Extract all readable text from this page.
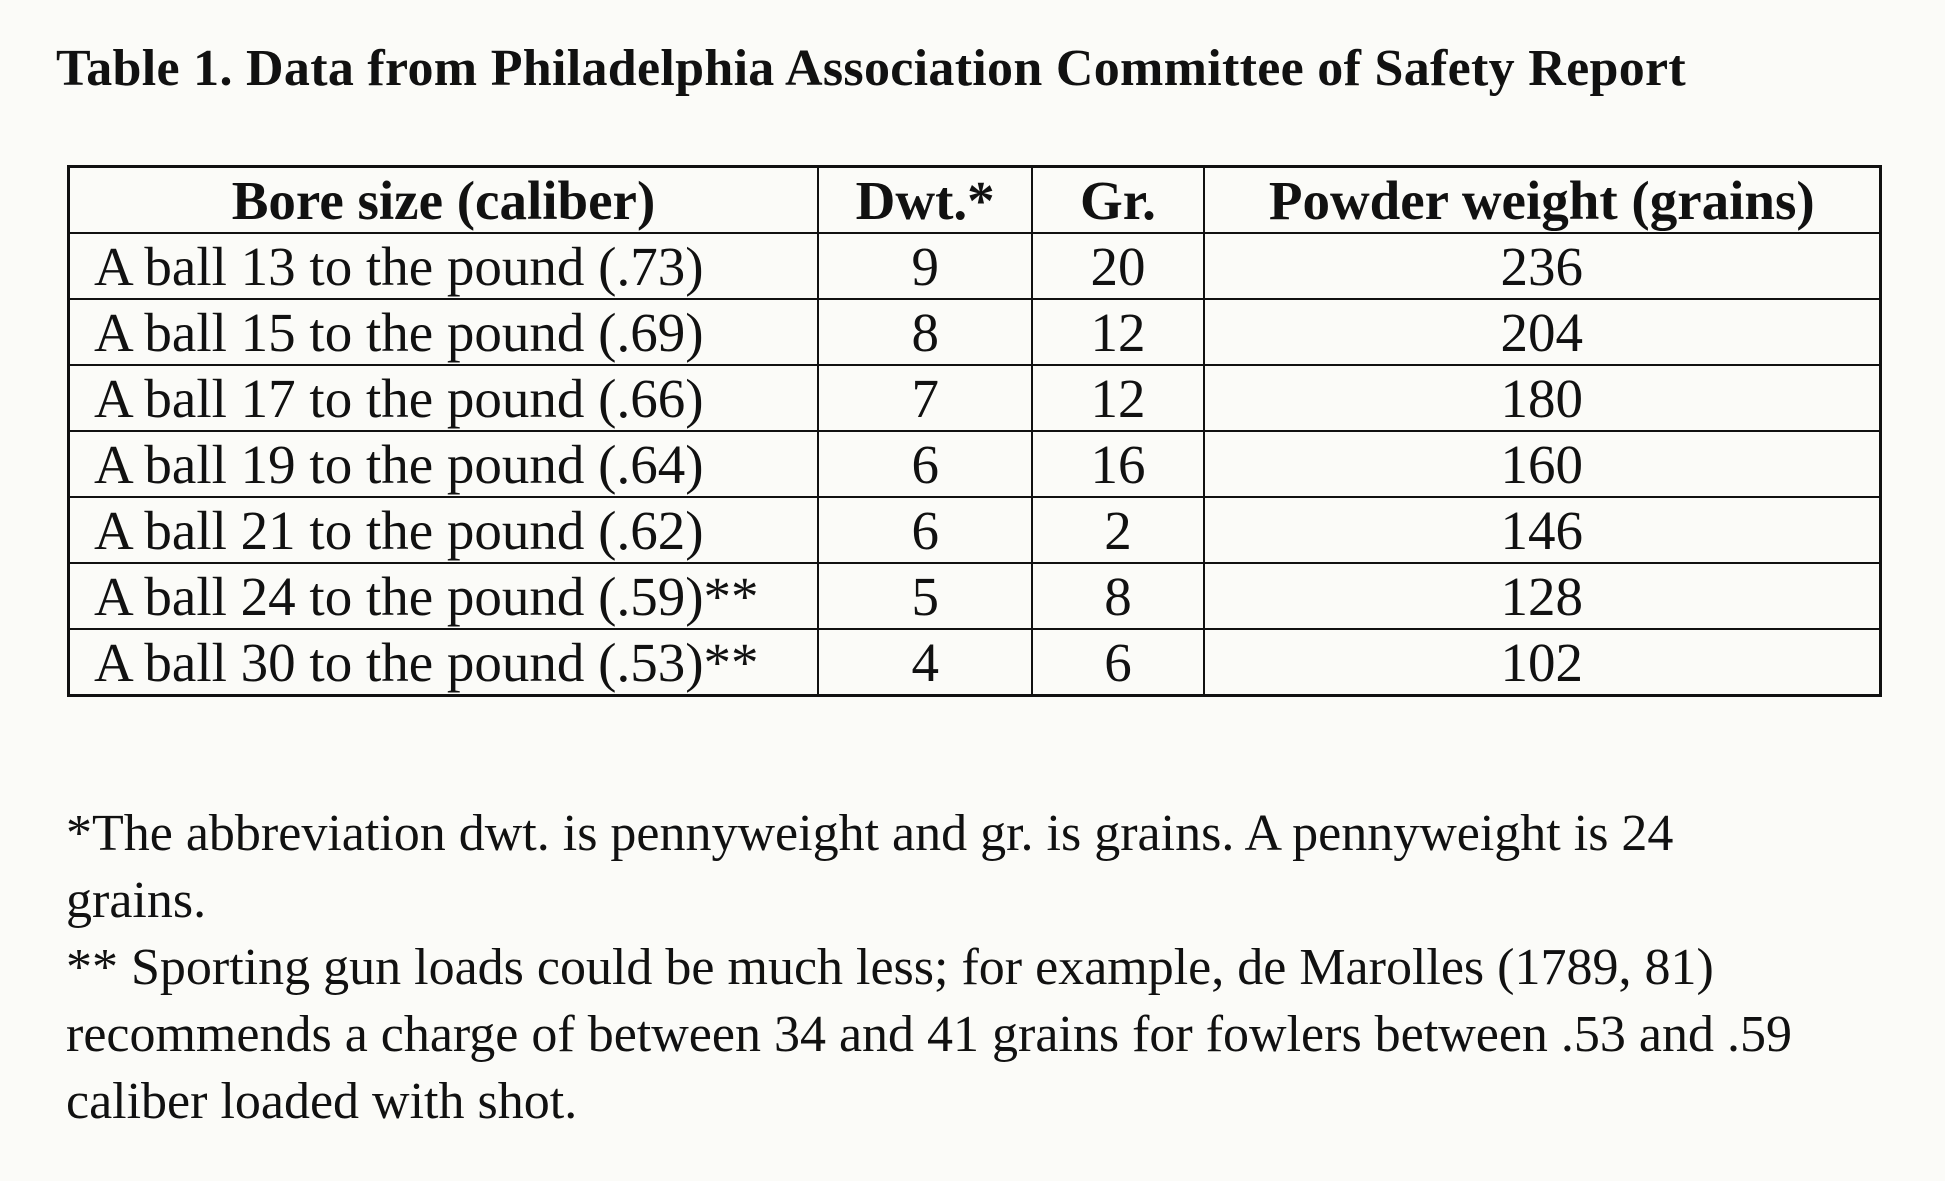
Table 1. Data from Philadelphia Association Committee of Safety Report
Bore size (caliber)	Dwt.*	Gr.	Powder weight (grains)
A ball 13 to the pound (.73)	9	20	236
A ball 15 to the pound (.69)	8	12	204
A ball 17 to the pound (.66)	7	12	180
A ball 19 to the pound (.64)	6	16	160
A ball 21 to the pound (.62)	6	2	146
A ball 24 to the pound (.59)**	5	8	128
A ball 30 to the pound (.53)**	4	6	102

*The abbreviation dwt. is pennyweight and gr. is grains. A pennyweight is 24 grains.

** Sporting gun loads could be much less; for example, de Marolles (1789, 81) recommends a charge of between 34 and 41 grains for fowlers between .53 and .59 caliber loaded with shot.
